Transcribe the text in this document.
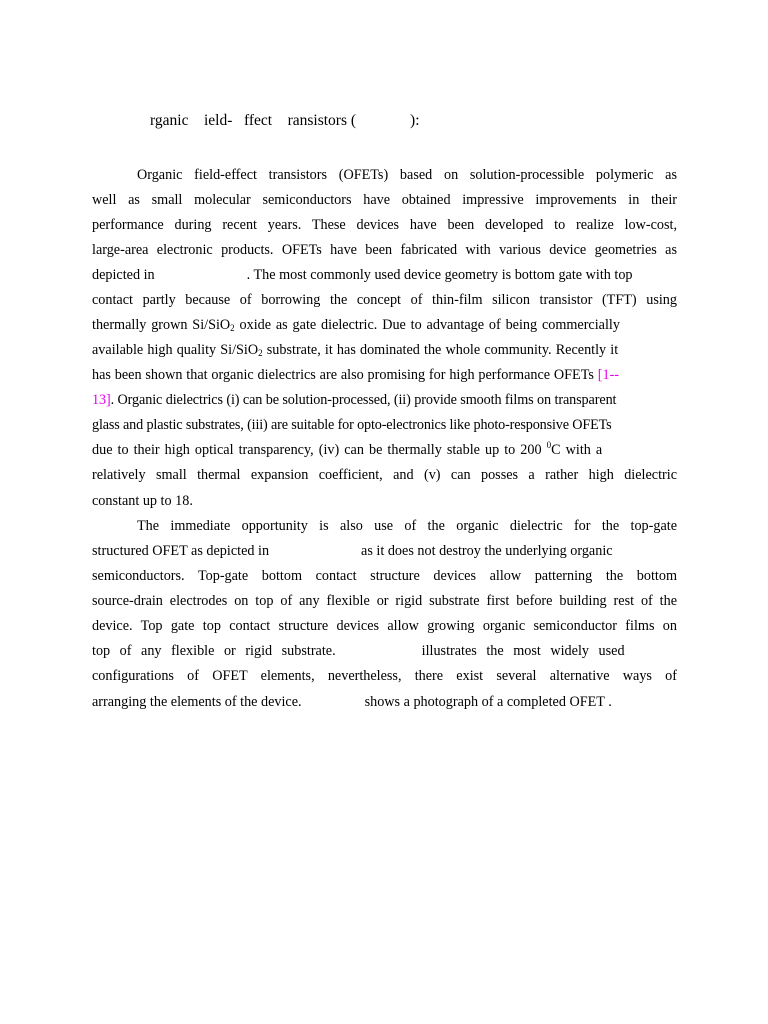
rganic ield- ffect ransistors (	):
Organic field-effect transistors (OFETs) based on solution-processible polymeric as
well as small molecular semiconductors have obtained impressive improvements in their
performance during recent years. These devices have been developed to realize low-cost,
large-area electronic products. OFETs have been fabricated with various device geometries as
depicted in	. The most commonly used device geometry is bottom gate with top
contact partly because of borrowing the concept of thin-film silicon transistor (TFT) using
thermally grown Si/SiO$_2$ oxide as gate dielectric. Due to advantage of being commercially
available high quality Si/SiO$_2$ substrate, it has dominated the whole community. Recently it
has been shown that organic dielectrics are also promising for high performance OFETs [1--
13]. Organic dielectrics (i) can be solution-processed, (ii) provide smooth films on transparent
glass and plastic substrates, (iii) are suitable for opto-electronics like photo-responsive OFETs
due to their high optical transparency, (iv) can be thermally stable up to 200 $^0$C with a
relatively small thermal expansion coefficient, and (v) can posses a rather high dielectric
constant up to 18.
The immediate opportunity is also use of the organic dielectric for the top-gate
structured OFET as depicted in	as it does not destroy the underlying organic
semiconductors. Top-gate bottom contact structure devices allow patterning the bottom
source-drain electrodes on top of any flexible or rigid substrate first before building rest of the
device. Top gate top contact structure devices allow growing organic semiconductor films on
top of any flexible or rigid substrate.	illustrates the most widely used
configurations of OFET elements, nevertheless, there exist several alternative ways of
arranging the elements of the device.	shows a photograph of a completed OFET .
